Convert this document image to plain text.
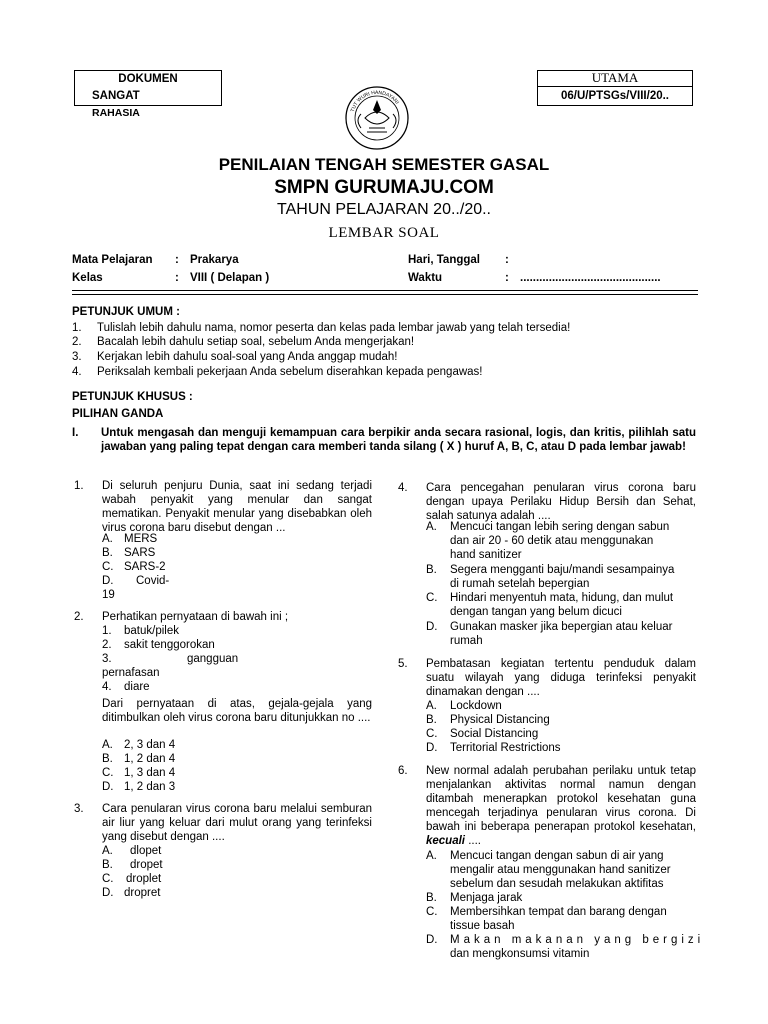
DOKUMEN
SANGAT
RAHASIA
UTAMA
06/U/PTSGs/VIII/20..
TUT WURI HANDAYANI
PENILAIAN TENGAH SEMESTER GASAL
SMPN GURUMAJU.COM
TAHUN PELAJARAN 20../20..
LEMBAR SOAL
Mata Pelajaran : Prakarya
Kelas	: VIII ( Delapan )
Hari, Tanggal :
Waktu	: ............................................
PETUNJUK UMUM :
1. Tulislah lebih dahulu nama, nomor peserta dan kelas pada lembar jawab yang telah tersedia!
2. Bacalah lebih dahulu setiap soal, sebelum Anda mengerjakan!
3. Kerjakan lebih dahulu soal-soal yang Anda anggap mudah!
4. Periksalah kembali pekerjaan Anda sebelum diserahkan kepada pengawas!
PETUNJUK KHUSUS :
PILIHAN GANDA
I. Untuk mengasah dan menguji kemampuan cara berpikir anda secara rasional, logis, dan kritis, pilihlah satu jawaban yang paling tepat dengan cara memberi tanda silang ( X ) huruf A, B, C, atau D pada lembar jawab!
1. Di seluruh penjuru Dunia, saat ini sedang terjadi wabah penyakit yang menular dan sangat mematikan. Penyakit menular yang disebabkan oleh virus corona baru disebut dengan ...
A. MERS
B. SARS
C. SARS-2
D. Covid-
19
2. Perhatikan pernyataan di bawah ini ;
1. batuk/pilek
2. sakit tenggorokan
3.	gangguan
pernafasan
4. diare
Dari pernyataan di atas, gejala-gejala yang ditimbulkan oleh virus corona baru ditunjukkan no ....
A. 2, 3 dan 4
B. 1, 2 dan 4
C. 1, 3 dan 4
D. 1, 2 dan 3
3. Cara penularan virus corona baru melalui semburan air liur yang keluar dari mulut orang yang terinfeksi yang disebut dengan ....
A. dlopet
B. dropet
C. droplet
D. dropret
4. Cara pencegahan penularan virus corona baru dengan upaya Perilaku Hidup Bersih dan Sehat, salah satunya adalah ....
A. Mencuci tangan lebih sering dengan sabun
dan air 20 - 60 detik atau menggunakan
hand sanitizer
B. Segera mengganti baju/mandi sesampainya
di rumah setelah bepergian
C. Hindari menyentuh mata, hidung, dan mulut
dengan tangan yang belum dicuci
D. Gunakan masker jika bepergian atau keluar
rumah
5. Pembatasan kegiatan tertentu penduduk dalam suatu wilayah yang diduga terinfeksi penyakit dinamakan dengan ....
A. Lockdown
B. Physical Distancing
C. Social Distancing
D. Territorial Restrictions
6. New normal adalah perubahan perilaku untuk tetap menjalankan aktivitas normal namun dengan ditambah menerapkan protokol kesehatan guna mencegah terjadinya penularan virus corona. Di bawah ini beberapa penerapan protokol kesehatan, kecuali ....
A. Mencuci tangan dengan sabun di air yang
mengalir atau menggunakan hand sanitizer
sebelum dan sesudah melakukan aktifitas
B. Menjaga jarak
C. Membersihkan tempat dan barang dengan
tissue basah
D. Makan makanan yang bergizi
dan mengkonsumsi vitamin
